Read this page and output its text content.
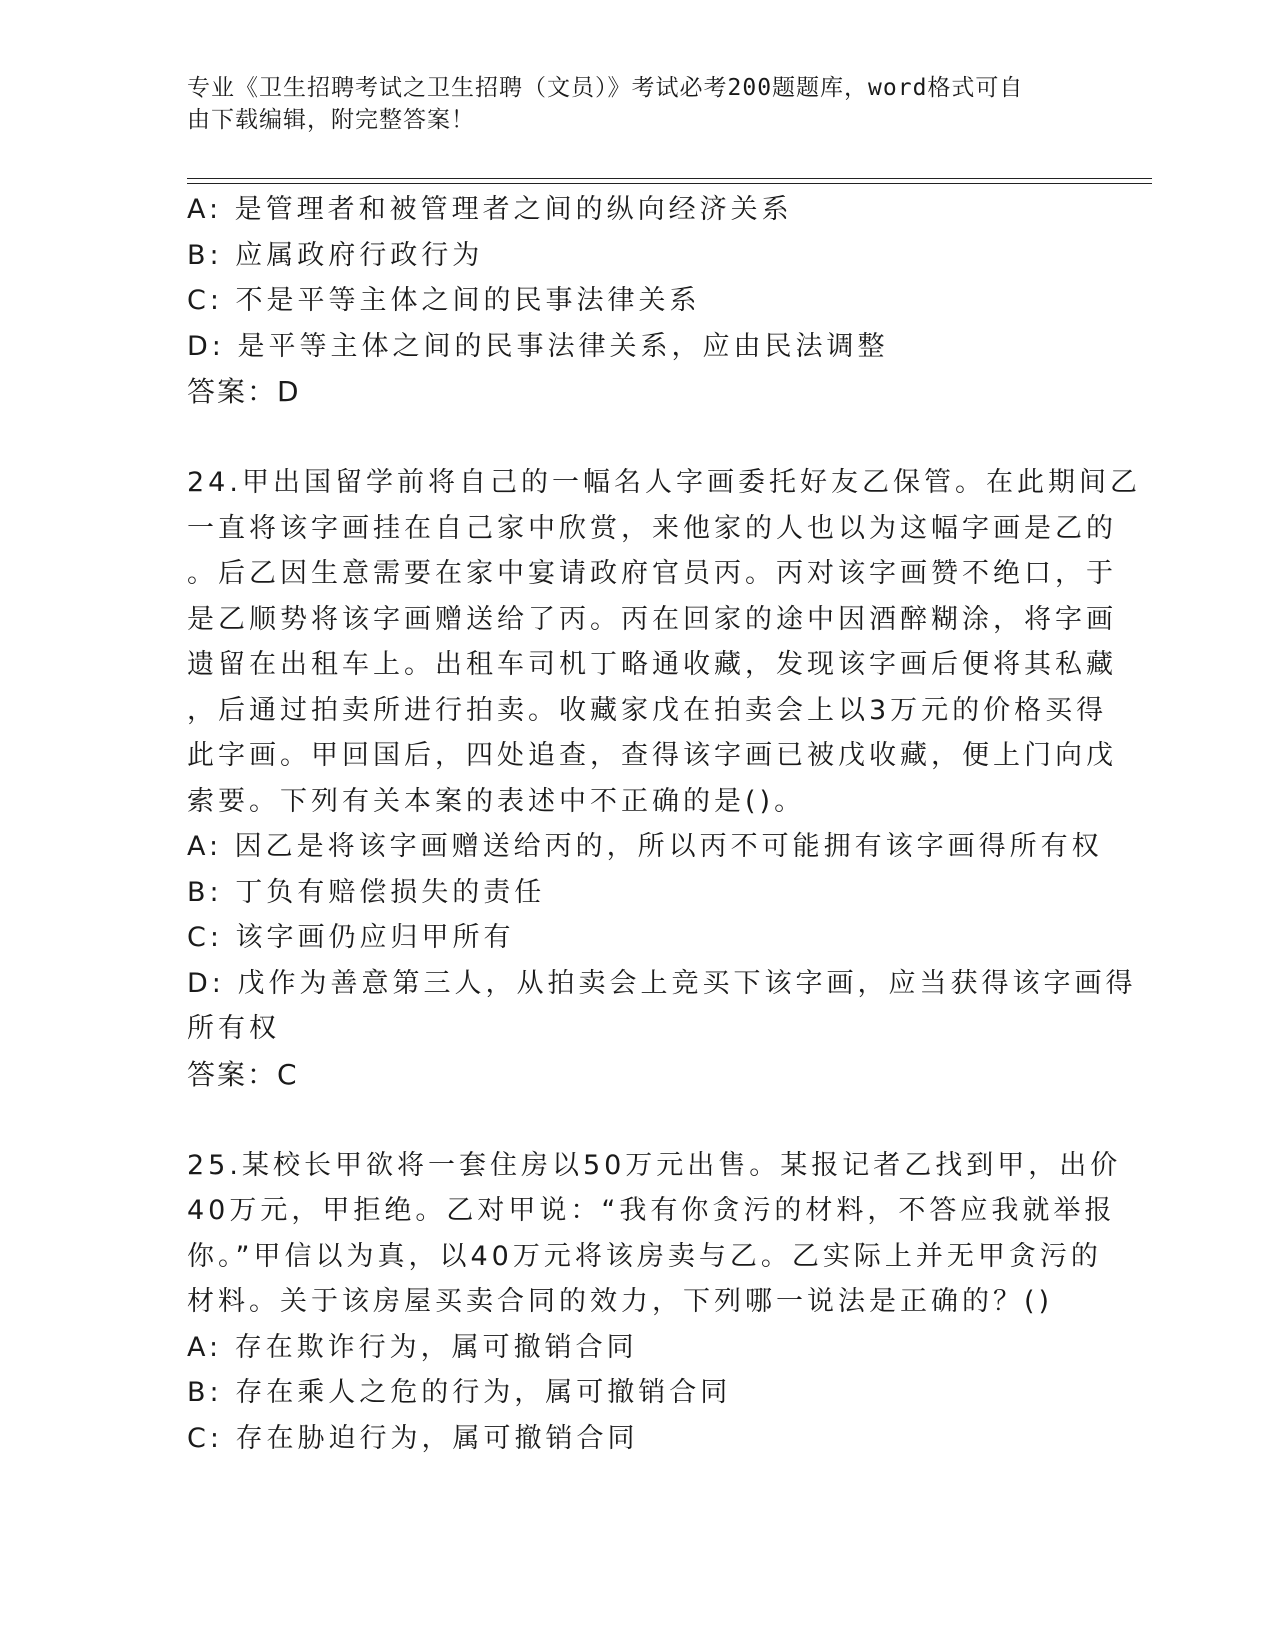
专业《卫生招聘考试之卫生招聘（文员）》考试必考200题题库，word格式可自
由下载编辑，附完整答案！
A: 是管理者和被管理者之间的纵向经济关系
B: 应属政府行政行为
C: 不是平等主体之间的民事法律关系
D: 是平等主体之间的民事法律关系，应由民法调整
答案：D
24.甲出国留学前将自己的一幅名人字画委托好友乙保管。在此期间乙
一直将该字画挂在自己家中欣赏，来他家的人也以为这幅字画是乙的
。后乙因生意需要在家中宴请政府官员丙。丙对该字画赞不绝口，于
是乙顺势将该字画赠送给了丙。丙在回家的途中因酒醉糊涂，将字画
遗留在出租车上。出租车司机丁略通收藏，发现该字画后便将其私藏
，后通过拍卖所进行拍卖。收藏家戊在拍卖会上以3万元的价格买得
此字画。甲回国后，四处追查，查得该字画已被戊收藏，便上门向戊
索要。下列有关本案的表述中不正确的是()。
A: 因乙是将该字画赠送给丙的，所以丙不可能拥有该字画得所有权
B: 丁负有赔偿损失的责任
C: 该字画仍应归甲所有
D: 戊作为善意第三人，从拍卖会上竞买下该字画，应当获得该字画得
所有权
答案：C
25.某校长甲欲将一套住房以50万元出售。某报记者乙找到甲，出价
40万元，甲拒绝。乙对甲说：“我有你贪污的材料，不答应我就举报
你。”甲信以为真，以40万元将该房卖与乙。乙实际上并无甲贪污的
材料。关于该房屋买卖合同的效力，下列哪一说法是正确的？()
A: 存在欺诈行为，属可撤销合同
B: 存在乘人之危的行为，属可撤销合同
C: 存在胁迫行为，属可撤销合同
